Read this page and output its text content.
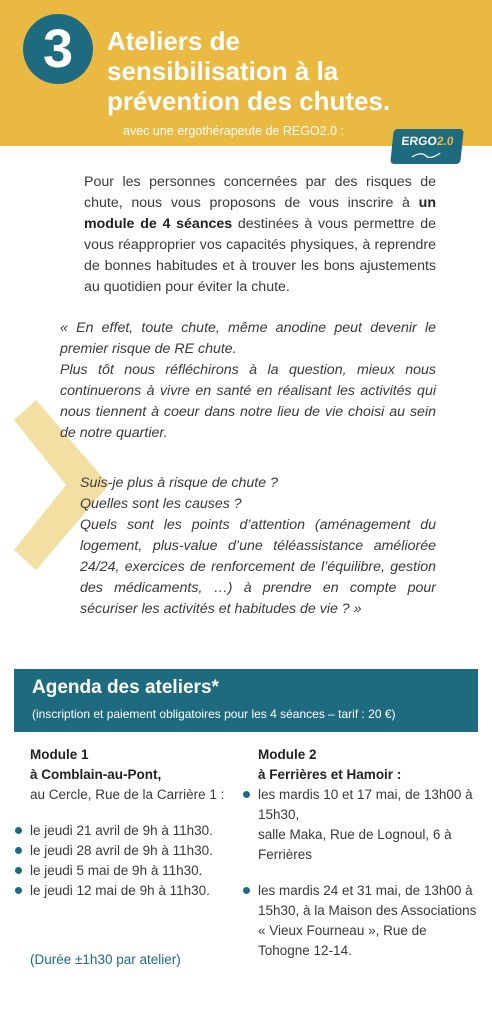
3	Ateliers de
sensibilisation à la
prévention des chutes.
avec une ergothérapeute de REGO2.0 :
ERGO2.0
Pour les personnes concernées par des risques de chute, nous vous proposons de vous inscrire à un module de 4 séances destinées à vous permettre de vous réapproprier vos capacités physiques, à reprendre de bonnes habitudes et à trouver les bons ajustements au quotidien pour éviter la chute.
« En effet, toute chute, même anodine peut devenir le premier risque de RE chute.
Plus tôt nous réfléchirons à la question, mieux nous continuerons à vivre en santé en réalisant les activités qui nous tiennent à coeur dans notre lieu de vie choisi au sein de notre quartier.
Suis-je plus à risque de chute ?
Quelles sont les causes ?
Quels sont les points d’attention (aménagement du logement, plus-value d’une téléassistance améliorée 24/24, exercices de renforcement de l’équilibre, gestion des médicaments, …) à prendre en compte pour sécuriser les activités et habitudes de vie ? »
Agenda des ateliers*
(inscription et paiement obligatoires pour les 4 séances – tarif : 20 €)
Module 1
à Comblain-au-Pont,
au Cercle, Rue de la Carrière 1 :
le jeudi 21 avril de 9h à 11h30.
le jeudi 28 avril de 9h à 11h30.
le jeudi 5 mai de 9h à 11h30.
le jeudi 12 mai de 9h à 11h30.
(Durée ±1h30 par atelier)
Module 2
à Ferrières et Hamoir :
les mardis 10 et 17 mai, de 13h00 à 15h30,
salle Maka, Rue de Lognoul, 6 à Ferrières
les mardis 24 et 31 mai, de 13h00 à 15h30, à la Maison des Associations « Vieux Fourneau », Rue de Tohogne 12-14.
